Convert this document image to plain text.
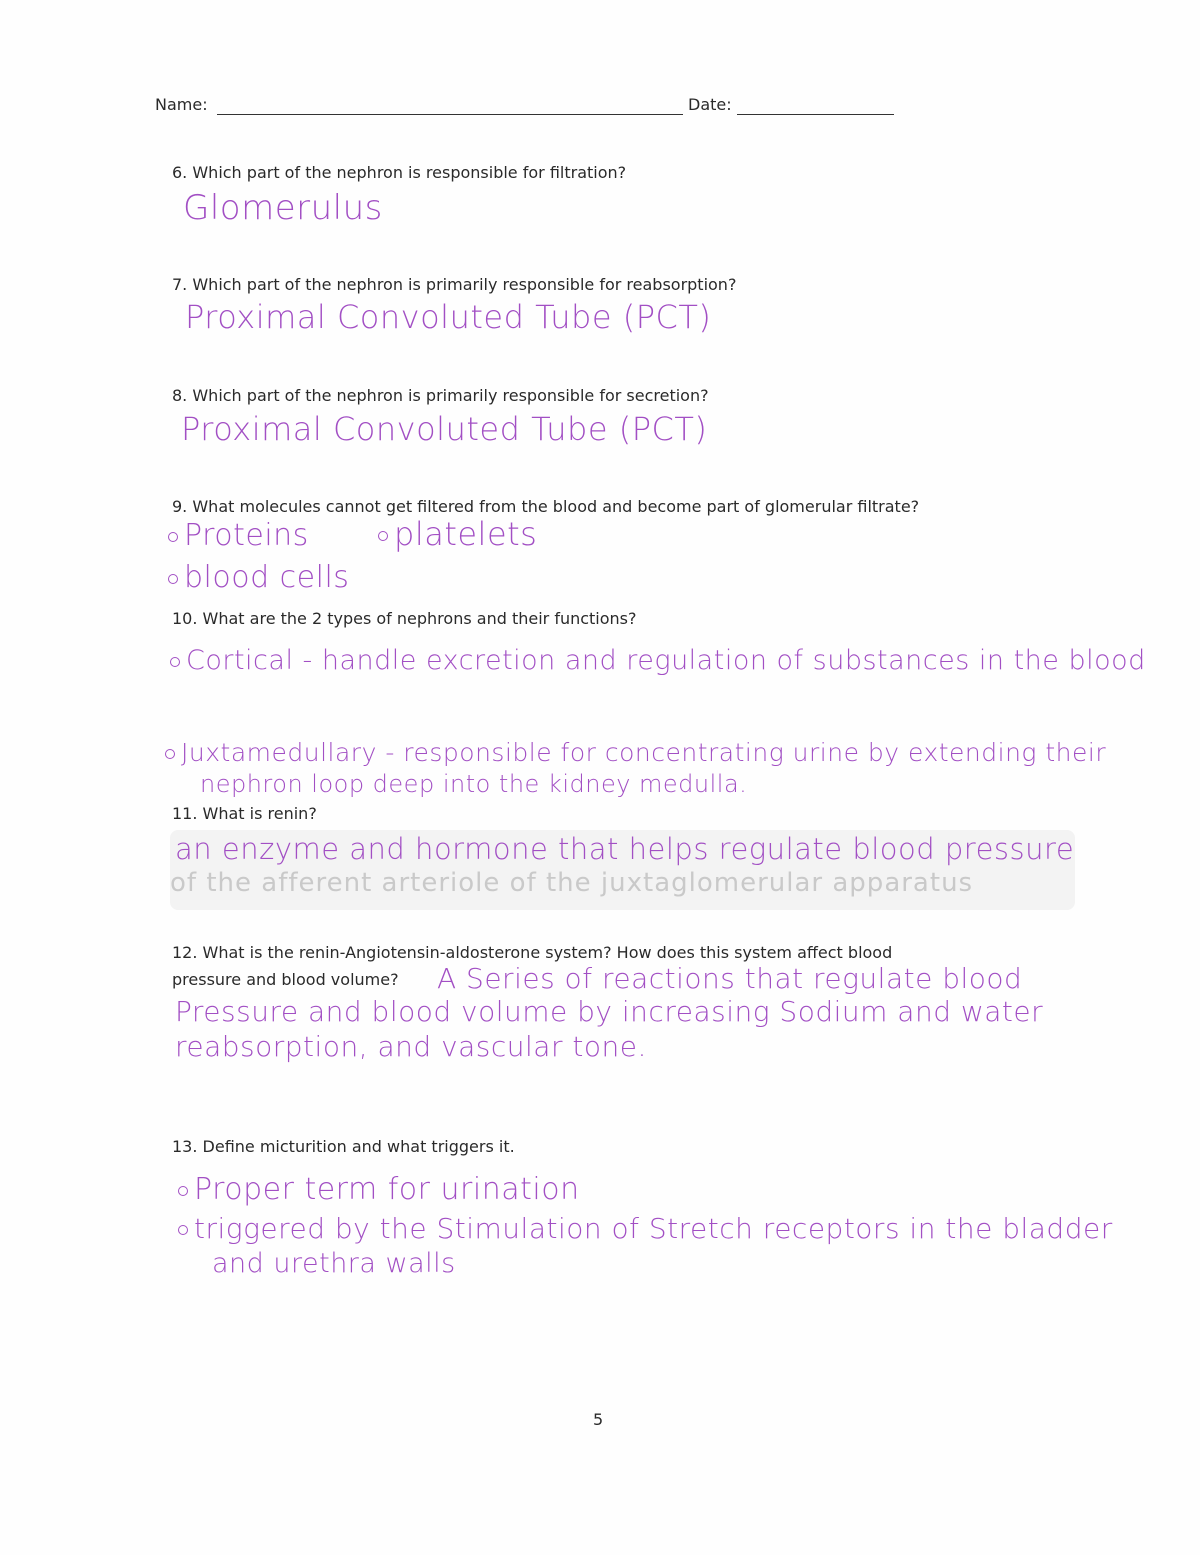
Name:	Date:
6. Which part of the nephron is responsible for filtration?
Glomerulus
7. Which part of the nephron is primarily responsible for reabsorption?
Proximal Convoluted Tube (PCT)
8. Which part of the nephron is primarily responsible for secretion?
Proximal Convoluted Tube (PCT)
9. What molecules cannot get filtered from the blood and become part of glomerular filtrate?
Proteins	platelets
blood cells
10. What are the 2 types of nephrons and their functions?
Cortical - handle excretion and regulation of substances in the blood
Juxtamedullary - responsible for concentrating urine by extending their
nephron loop deep into the kidney medulla.
11. What is renin?
an enzyme and hormone that helps regulate blood pressure
of the afferent arteriole of the juxtaglomerular apparatus
12. What is the renin-Angiotensin-aldosterone system? How does this system affect blood
pressure and blood volume? A Series of reactions that regulate blood
Pressure and blood volume by increasing Sodium and water
reabsorption, and vascular tone.
13. Define micturition and what triggers it.
Proper term for urination
triggered by the Stimulation of Stretch receptors in the bladder
and urethra walls
5
